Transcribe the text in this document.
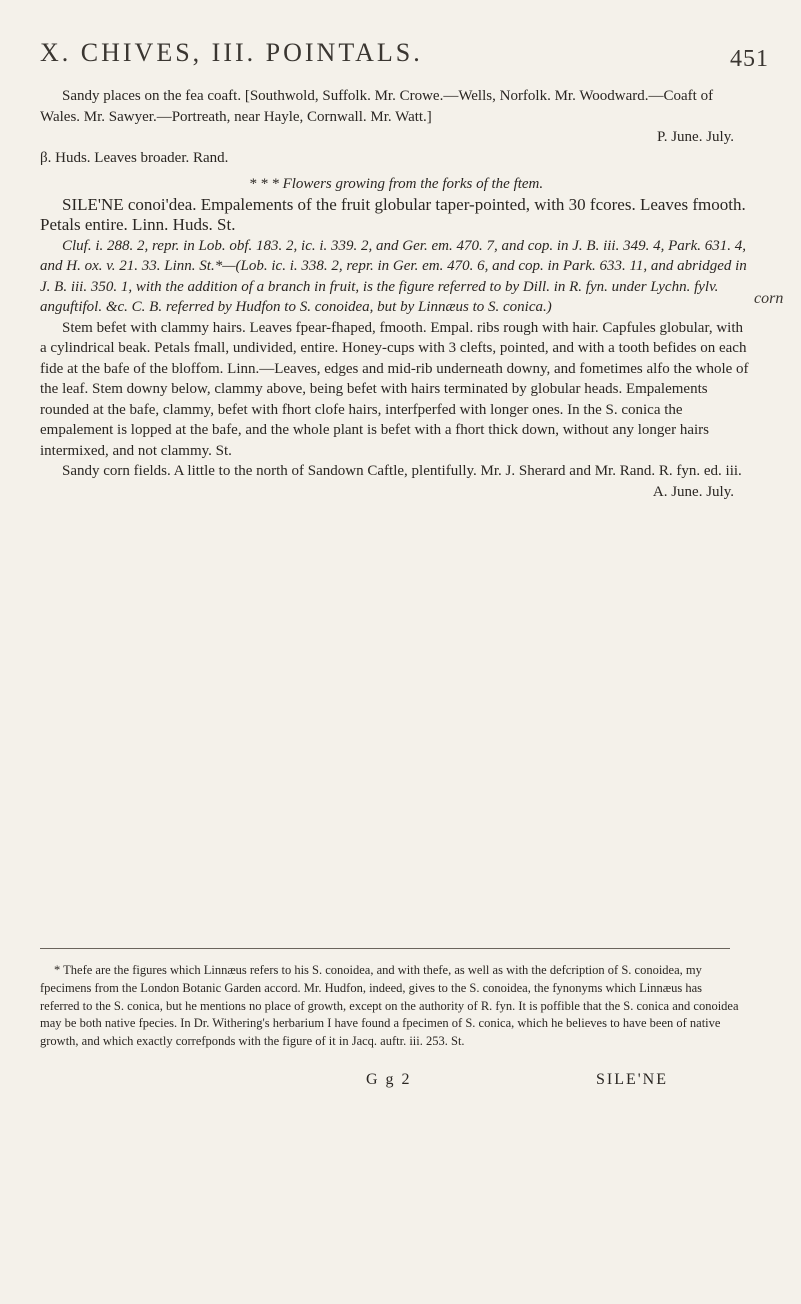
X. CHIVES, III. POINTALS.	451
corn

Sandy places on the fea coaft. [Southwold, Suffolk. Mr. Crowe.—Wells, Norfolk. Mr. Woodward.—Coaft of Wales. Mr. Sawyer.—Portreath, near Hayle, Cornwall. Mr. Watt.]

P. June. July.

β. Huds. Leaves broader. Rand.

* * * Flowers growing from the forks of the ftem.

SILE'NE conoi'dea. Empalements of the fruit globular taper-pointed, with 30 fcores. Leaves fmooth. Petals entire. Linn. Huds. St.

Cluf. i. 288. 2, repr. in Lob. obf. 183. 2, ic. i. 339. 2, and Ger. em. 470. 7, and cop. in J. B. iii. 349. 4, Park. 631. 4, and H. ox. v. 21. 33. Linn. St.*—(Lob. ic. i. 338. 2, repr. in Ger. em. 470. 6, and cop. in Park. 633. 11, and abridged in J. B. iii. 350. 1, with the addition of a branch in fruit, is the figure referred to by Dill. in R. fyn. under Lychn. fylv. anguftifol. &c. C. B. referred by Hudfon to S. conoidea, but by Linnæus to S. conica.)

Stem befet with clammy hairs. Leaves fpear-fhaped, fmooth. Empal. ribs rough with hair. Capfules globular, with a cylindrical beak. Petals fmall, undivided, entire. Honey-cups with 3 clefts, pointed, and with a tooth befides on each fide at the bafe of the bloffom. Linn.—Leaves, edges and mid-rib underneath downy, and fometimes alfo the whole of the leaf. Stem downy below, clammy above, being befet with hairs terminated by globular heads. Empalements rounded at the bafe, clammy, befet with fhort clofe hairs, interfperfed with longer ones. In the S. conica the empalement is lopped at the bafe, and the whole plant is befet with a fhort thick down, without any longer hairs intermixed, and not clammy. St.

Sandy corn fields. A little to the north of Sandown Caftle, plentifully. Mr. J. Sherard and Mr. Rand. R. fyn. ed. iii.

A. June. July.

* Thefe are the figures which Linnæus refers to his S. conoidea, and with thefe, as well as with the defcription of S. conoidea, my fpecimens from the London Botanic Garden accord. Mr. Hudfon, indeed, gives to the S. conoidea, the fynonyms which Linnæus has referred to the S. conica, but he mentions no place of growth, except on the authority of R. fyn. It is poffible that the S. conica and conoidea may be both native fpecies. In Dr. Withering's herbarium I have found a fpecimen of S. conica, which he believes to have been of native growth, and which exactly correfponds with the figure of it in Jacq. auftr. iii. 253. St.

G g 2	SILE'NE
